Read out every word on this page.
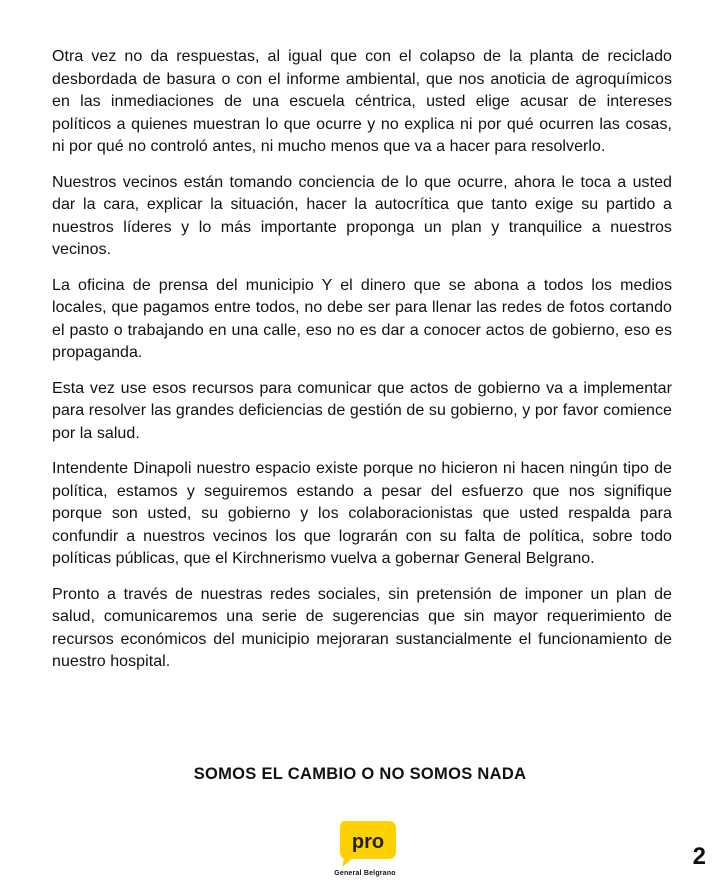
Otra vez no da respuestas, al igual que con el colapso de la planta de reciclado desbordada de basura o con el informe ambiental, que nos anoticia de agroquímicos en las inmediaciones de una escuela céntrica, usted elige acusar de intereses políticos a quienes muestran lo que ocurre y no explica ni por qué ocurren las cosas, ni por qué no controló antes, ni mucho menos que va a hacer para resolverlo.

Nuestros vecinos están tomando conciencia de lo que ocurre, ahora le toca a usted dar la cara, explicar la situación, hacer la autocrítica que tanto exige su partido a nuestros líderes y lo más importante proponga un plan y tranquilice a nuestros vecinos.

La oficina de prensa del municipio Y el dinero que se abona a todos los medios locales, que pagamos entre todos, no debe ser para llenar las redes de fotos cortando el pasto o trabajando en una calle, eso no es dar a conocer actos de gobierno, eso es propaganda.

Esta vez use esos recursos para comunicar que actos de gobierno va a implementar para resolver las grandes deficiencias de gestión de su gobierno, y por favor comience por la salud.

Intendente Dinapoli nuestro espacio existe porque no hicieron ni hacen ningún tipo de política, estamos y seguiremos estando a pesar del esfuerzo que nos signifique porque son usted, su gobierno y los colaboracionistas que usted respalda para confundir a nuestros vecinos los que lograrán con su falta de política, sobre todo políticas públicas, que el Kirchnerismo vuelva a gobernar General Belgrano.

Pronto a través de nuestras redes sociales, sin pretensión de imponer un plan de salud, comunicaremos una serie de sugerencias que sin mayor requerimiento de recursos económicos del municipio mejoraran sustancialmente el funcionamiento de nuestro hospital.

SOMOS EL CAMBIO O NO SOMOS NADA
pro
General Belgrano
2
